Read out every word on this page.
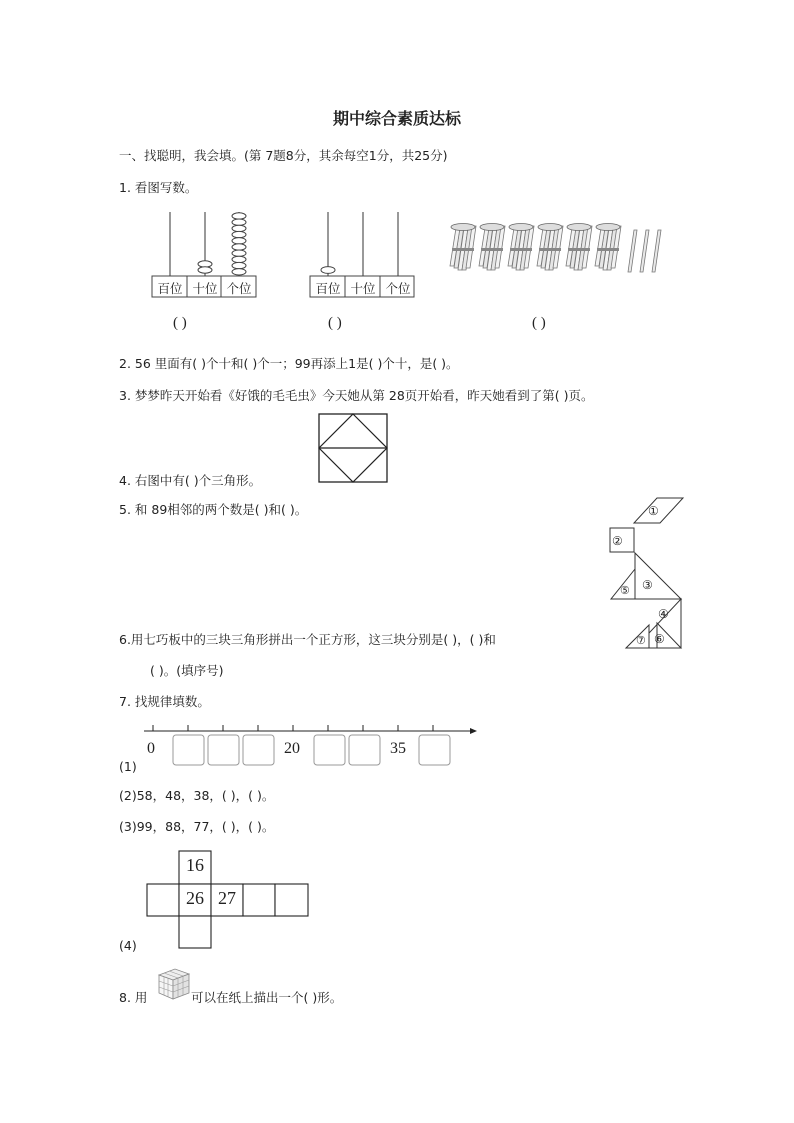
期中综合素质达标
一、找聪明，我会填。(第 7题8分，其余每空1分，共25分)
1. 看图写数。
百位 十位 个位	百位 十位 个位
( )	( )	( )
2. 56 里面有( )个十和( )个一；99再添上1是( )个十，是( )。
3. 梦梦昨天开始看《好饿的毛毛虫》今天她从第 28页开始看，昨天她看到了第( )页。
4. 右图中有( )个三角形。
5. 和 89相邻的两个数是( )和( )。	①
②
③
⑤
④
⑥
⑦
6.用七巧板中的三块三角形拼出一个正方形，这三块分别是( )，( )和
( )。(填序号)
7. 找规律填数。
0	20	35
(1)
(2)58，48，38，( )，( )。
(3)99，88，77，( )，( )。
16
26 27
(4)
8. 用	可以在纸上描出一个( )形。
